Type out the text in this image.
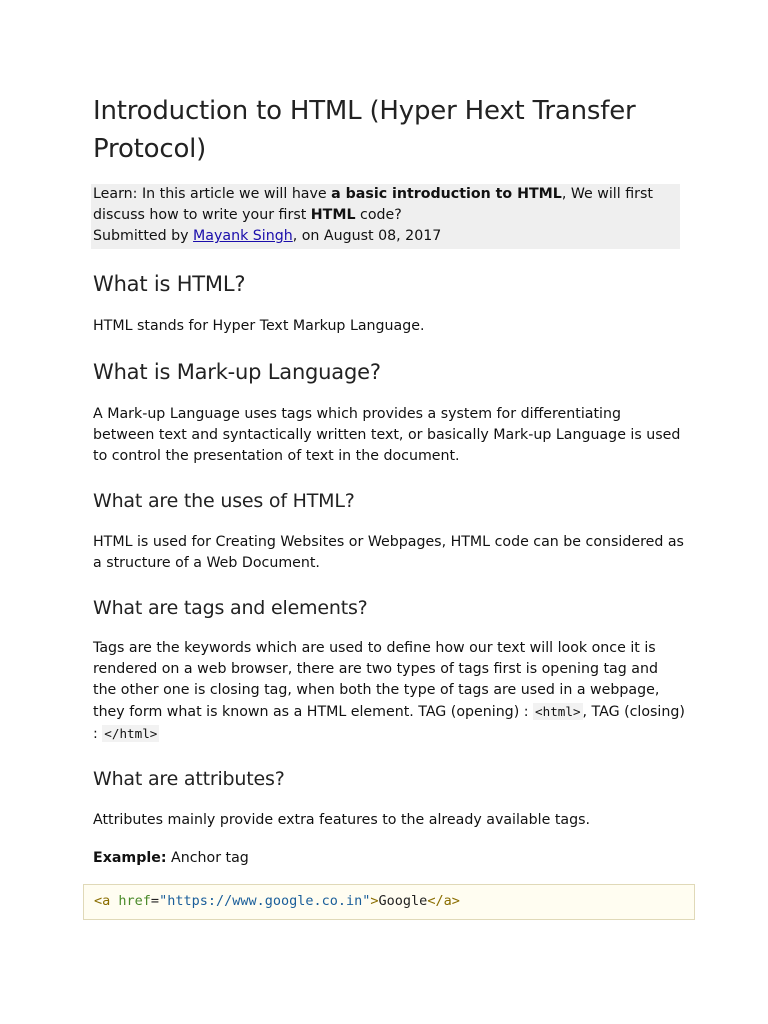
Introduction to HTML (Hyper Hext Transfer Protocol)
Learn: In this article we will have a basic introduction to HTML, We will first discuss how to write your first HTML code?
Submitted by Mayank Singh, on August 08, 2017
What is HTML?

HTML stands for Hyper Text Markup Language.

What is Mark-up Language?

A Mark-up Language uses tags which provides a system for differentiating between text and syntactically written text, or basically Mark-up Language is used to control the presentation of text in the document.

What are the uses of HTML?

HTML is used for Creating Websites or Webpages, HTML code can be considered as a structure of a Web Document.

What are tags and elements?

Tags are the keywords which are used to define how our text will look once it is rendered on a web browser, there are two types of tags first is opening tag and the other one is closing tag, when both the type of tags are used in a webpage, they form what is known as a HTML element. TAG (opening) : <html> , TAG (closing) : </html>

What are attributes?

Attributes mainly provide extra features to the already available tags.

Example: Anchor tag

<a href="https://www.google.co.in">Google</a>
